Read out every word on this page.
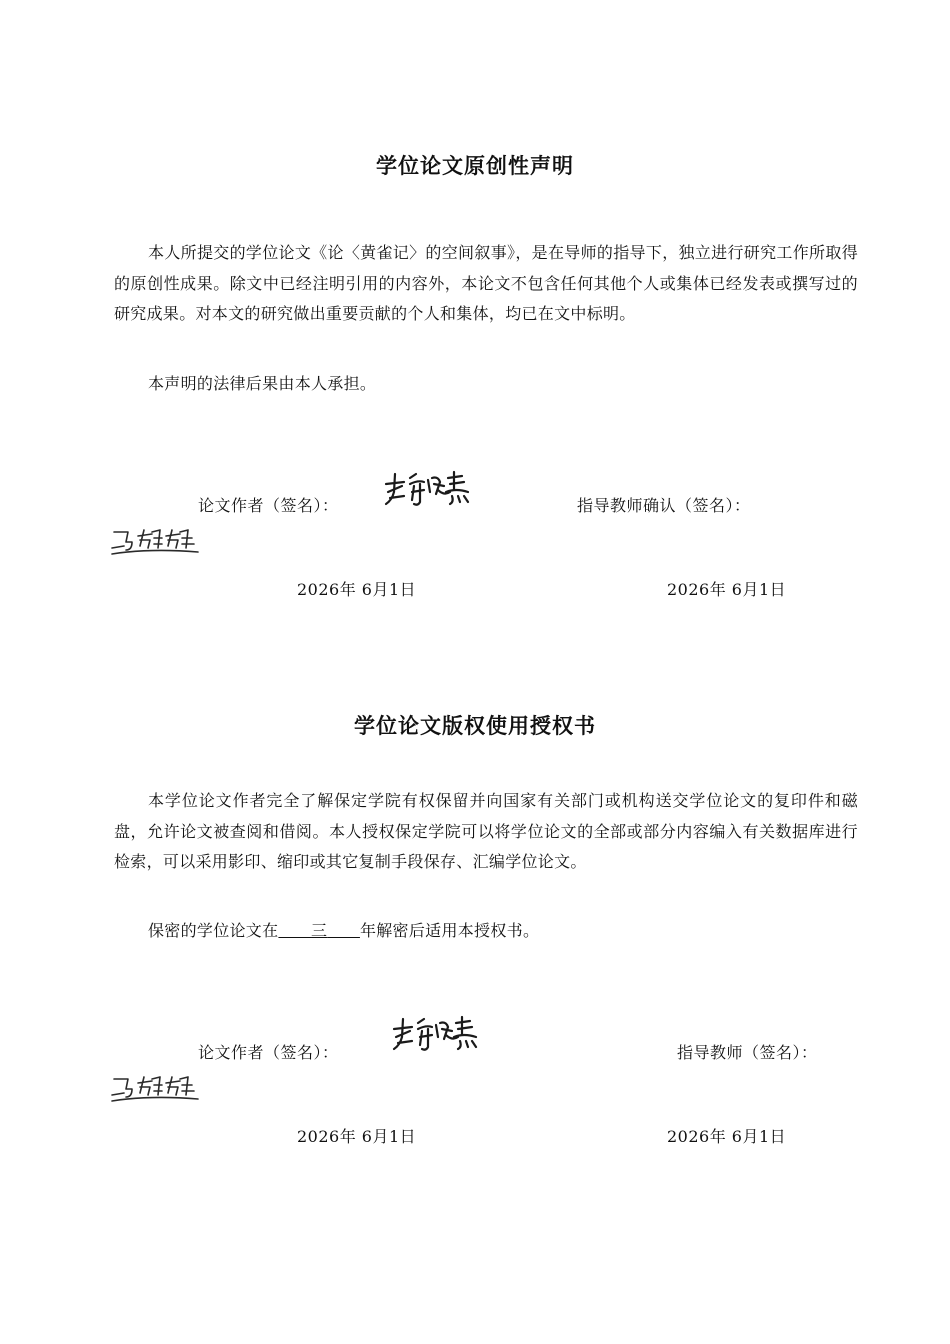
学位论文原创性声明
本人所提交的学位论文《论〈黄雀记〉的空间叙事》，是在导师的指导下，独立进行研究工作所取得的原创性成果。除文中已经注明引用的内容外，本论文不包含任何其他个人或集体已经发表或撰写过的研究成果。对本文的研究做出重要贡献的个人和集体，均已在文中标明。
本声明的法律后果由本人承担。
论文作者（签名）：	指导教师确认（签名）：
2026年 6月1日	2026年 6月1日
学位论文版权使用授权书
本学位论文作者完全了解保定学院有权保留并向国家有关部门或机构送交学位论文的复印件和磁盘，允许论文被查阅和借阅。本人授权保定学院可以将学位论文的全部或部分内容编入有关数据库进行检索，可以采用影印、缩印或其它复制手段保存、汇编学位论文。
保密的学位论文在   三   年解密后适用本授权书。
论文作者（签名）：	指导教师（签名）：
2026年 6月1日	2026年 6月1日
